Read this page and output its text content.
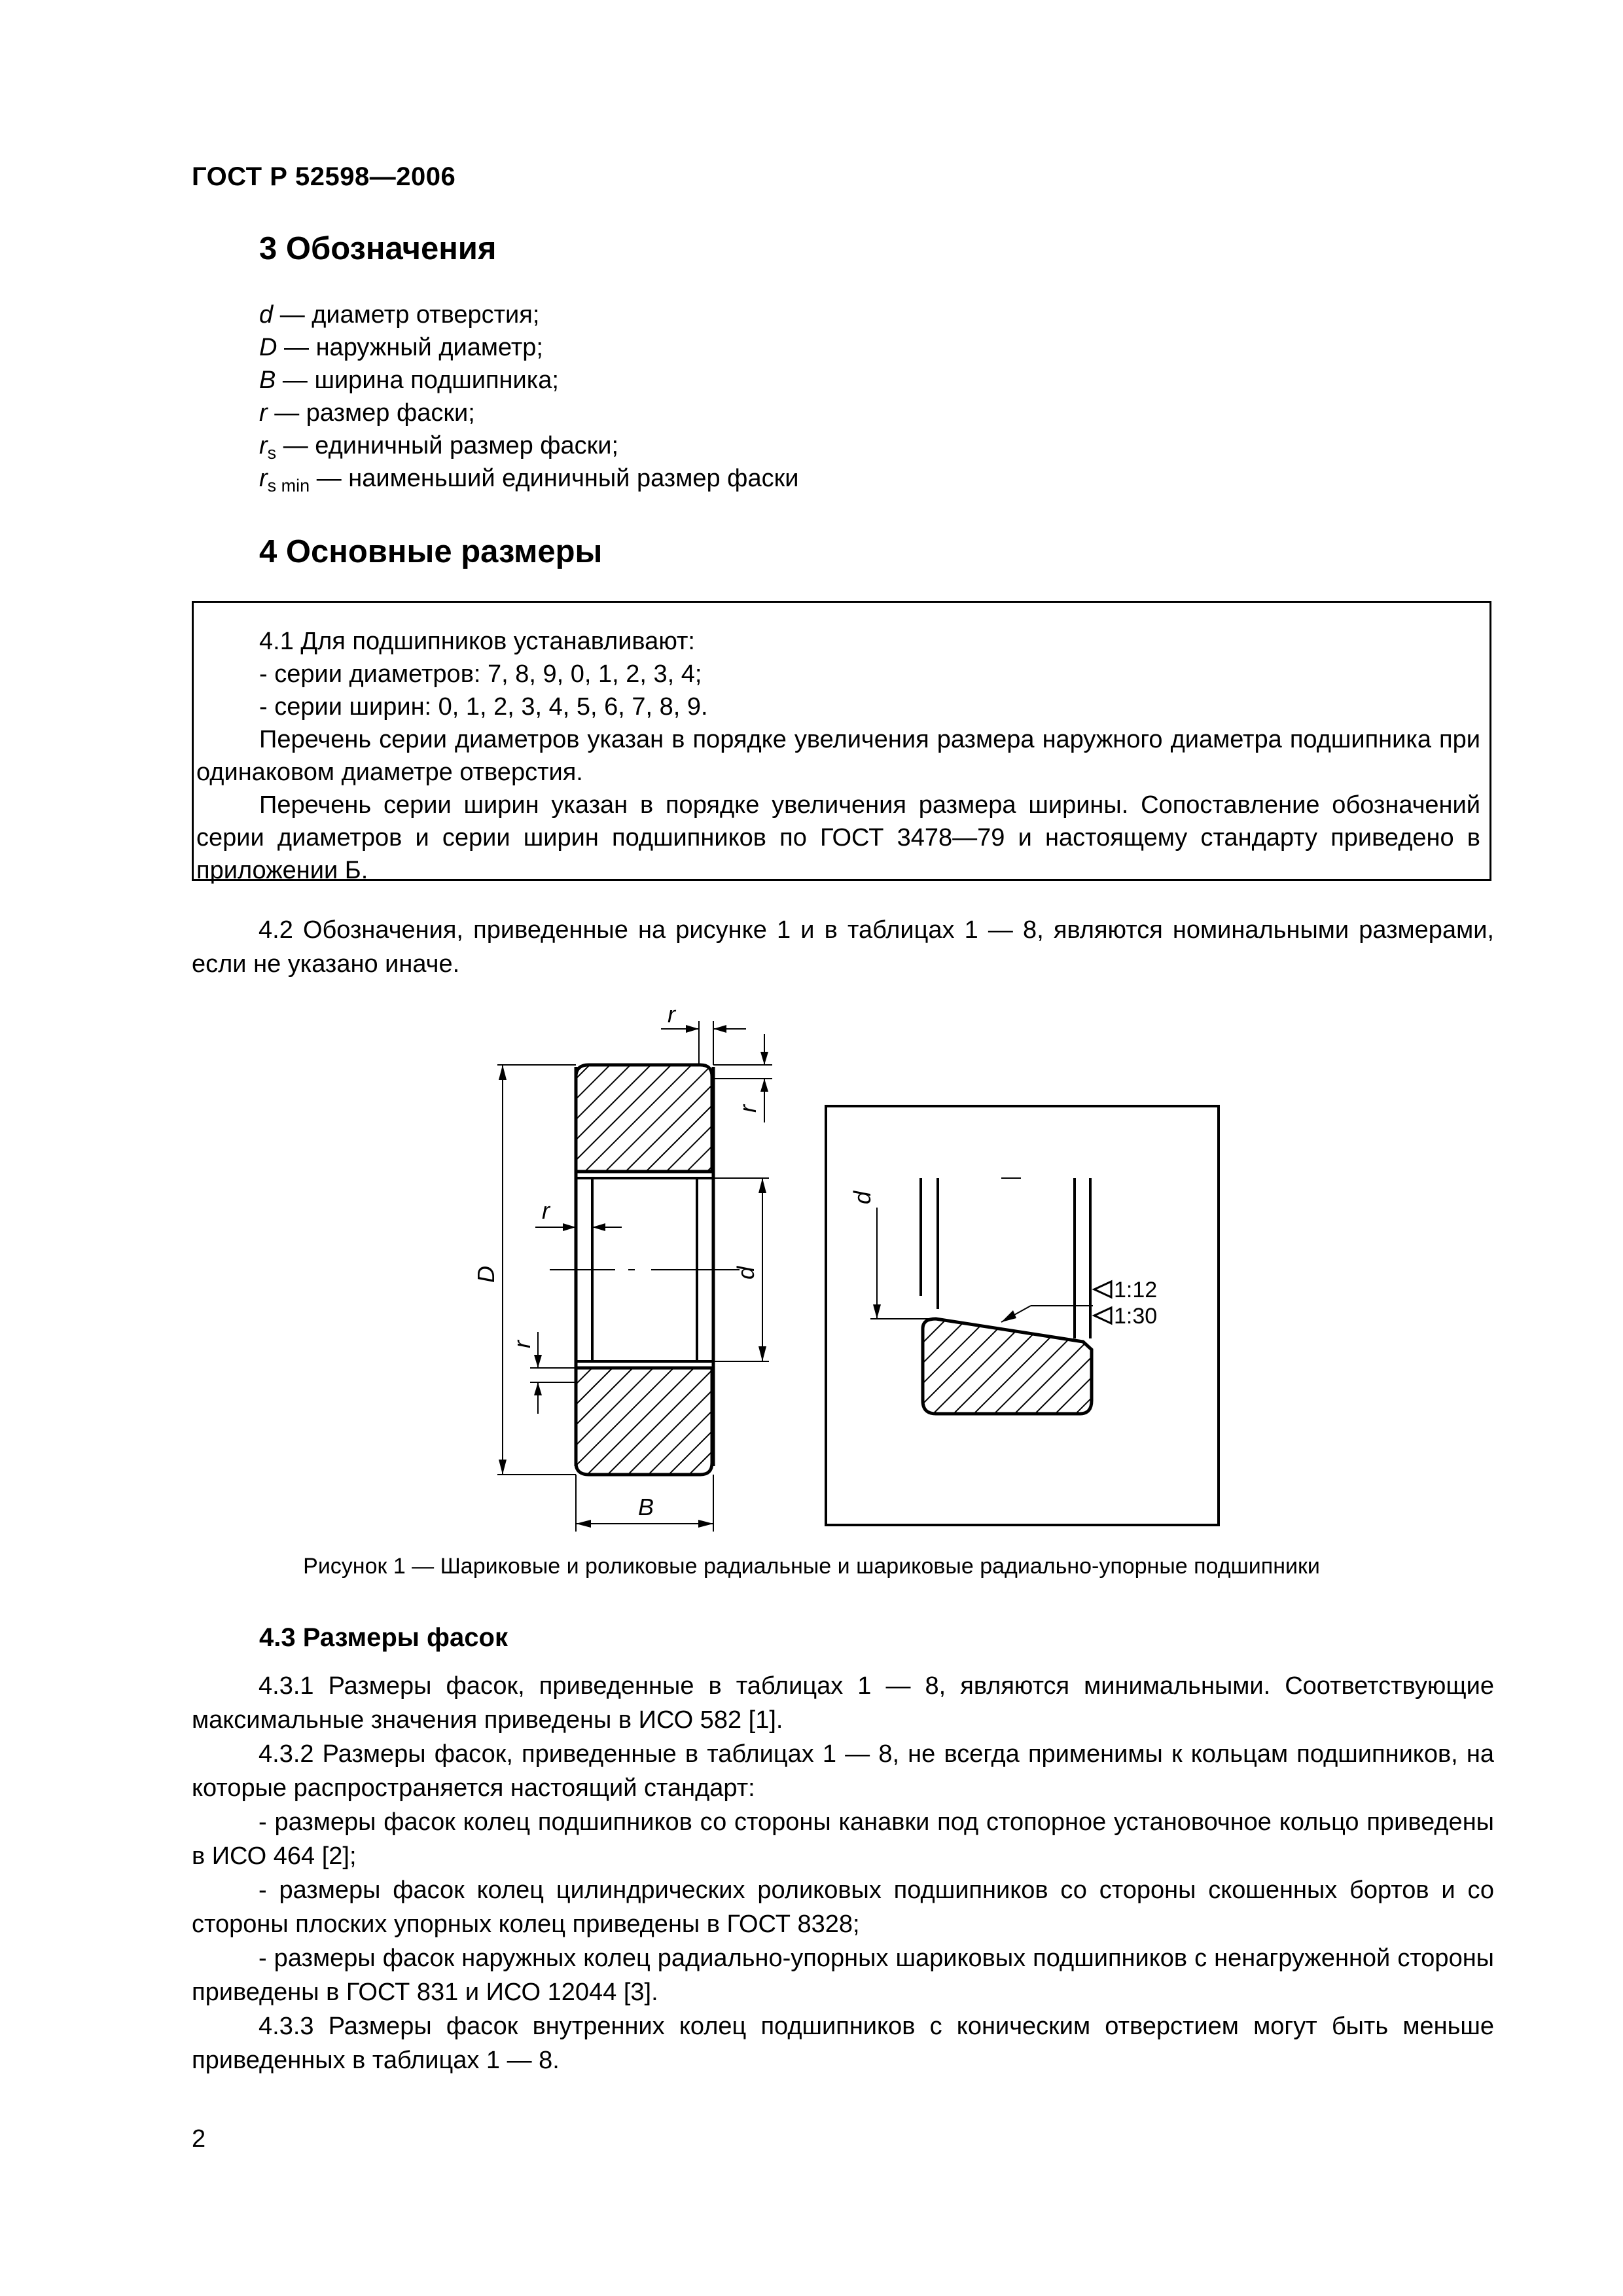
ГОСТ Р 52598—2006
3 Обозначения
d — диаметр отверстия;
D — наружный диаметр;
B — ширина подшипника;
r — размер фаски;
$r_s$ — единичный размер фаски;
$r_{s min}$ — наименьший единичный размер фаски
4 Основные размеры
4.1 Для подшипников устанавливают:
- серии диаметров: 7, 8, 9, 0, 1, 2, 3, 4;
- серии ширин: 0, 1, 2, 3, 4, 5, 6, 7, 8, 9.
Перечень серии диаметров указан в порядке увеличения размера наружного диаметра подшипника при одинаковом диаметре отверстия.
Перечень серии ширин указан в порядке увеличения размера ширины. Сопоставление обозначений серии диаметров и серии ширин подшипников по ГОСТ 3478—79 и настоящему стандарту приведено в приложении Б.
4.2 Обозначения, приведенные на рисунке 1 и в таблицах 1 — 8, являются номинальными размерами, если не указано иначе.
r
r
r
r
D	d
B
d
1:12
1:30
Рисунок 1 — Шариковые и роликовые радиальные и шариковые радиально-упорные подшипники
4.3 Размеры фасок
4.3.1 Размеры фасок, приведенные в таблицах 1 — 8, являются минимальными. Соответствующие максимальные значения приведены в ИСО 582 [1].
4.3.2 Размеры фасок, приведенные в таблицах 1 — 8, не всегда применимы к кольцам подшипников, на которые распространяется настоящий стандарт:
- размеры фасок колец подшипников со стороны канавки под стопорное установочное кольцо приведены в ИСО 464 [2];
- размеры фасок колец цилиндрических роликовых подшипников со стороны скошенных бортов и со стороны плоских упорных колец приведены в ГОСТ 8328;
- размеры фасок наружных колец радиально-упорных шариковых подшипников с ненагруженной стороны приведены в ГОСТ 831 и ИСО 12044 [3].
4.3.3 Размеры фасок внутренних колец подшипников с коническим отверстием могут быть меньше приведенных в таблицах 1 — 8.
2
